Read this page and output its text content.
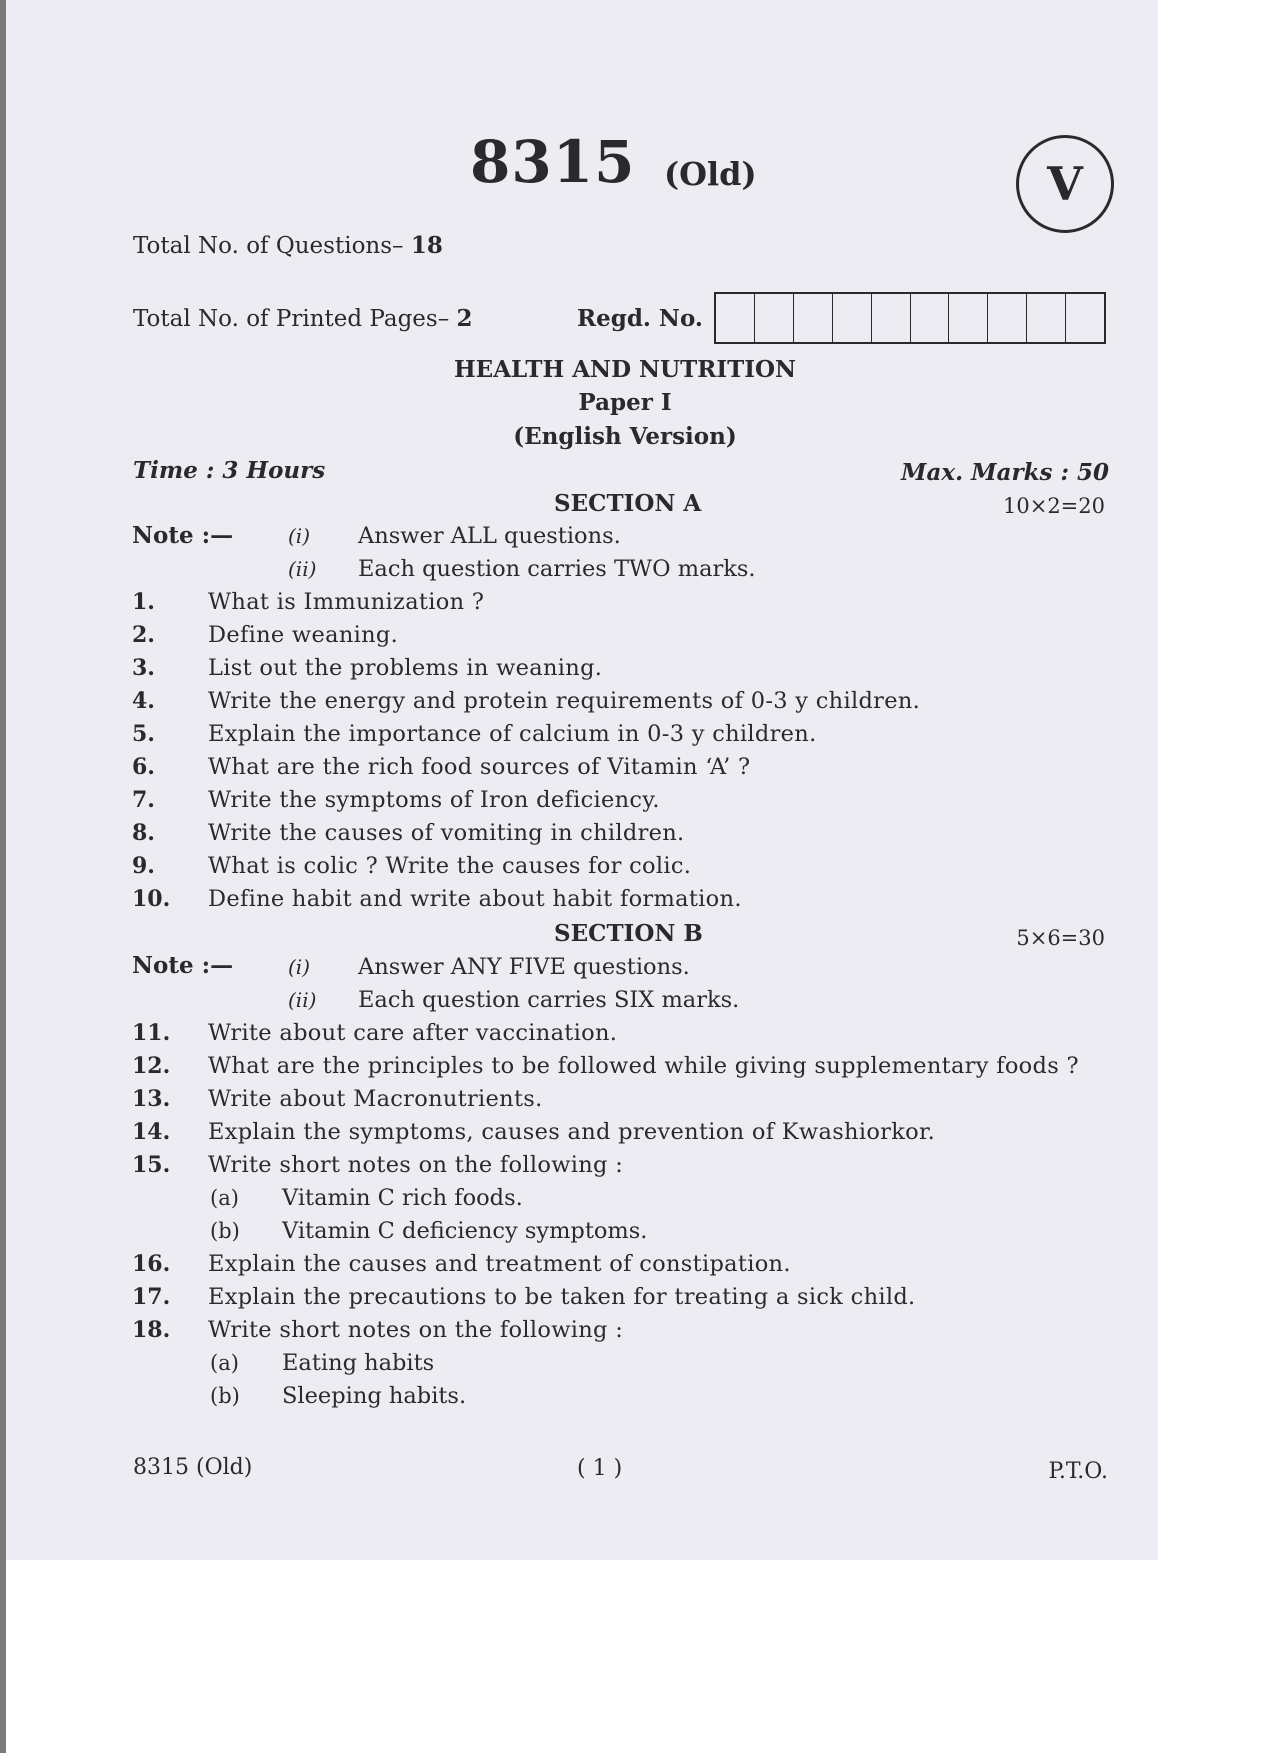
8315 (Old)	V
Total No. of Questions– 18
Total No. of Printed Pages– 2	Regd. No.
HEALTH AND NUTRITION
Paper I
(English Version)
Time : 3 Hours	Max. Marks : 50
SECTION A	10×2=20
Note :—	(i) Answer ALL questions.
(ii) Each question carries TWO marks.
1. What is Immunization ?
2. Define weaning.
3. List out the problems in weaning.
4. Write the energy and protein requirements of 0-3 y children.
5. Explain the importance of calcium in 0-3 y children.
6. What are the rich food sources of Vitamin ‘A’ ?
7. Write the symptoms of Iron deficiency.
8. Write the causes of vomiting in children.
9. What is colic ? Write the causes for colic.
10. Define habit and write about habit formation.
SECTION B	5×6=30
Note :—	(i) Answer ANY FIVE questions.
(ii) Each question carries SIX marks.
11. Write about care after vaccination.
12. What are the principles to be followed while giving supplementary foods ?
13. Write about Macronutrients.
14. Explain the symptoms, causes and prevention of Kwashiorkor.
15. Write short notes on the following :
(a) Vitamin C rich foods.
(b) Vitamin C deficiency symptoms.
16. Explain the causes and treatment of constipation.
17. Explain the precautions to be taken for treating a sick child.
18. Write short notes on the following :
(a) Eating habits
(b) Sleeping habits.
8315 (Old)	( 1 )	P.T.O.
